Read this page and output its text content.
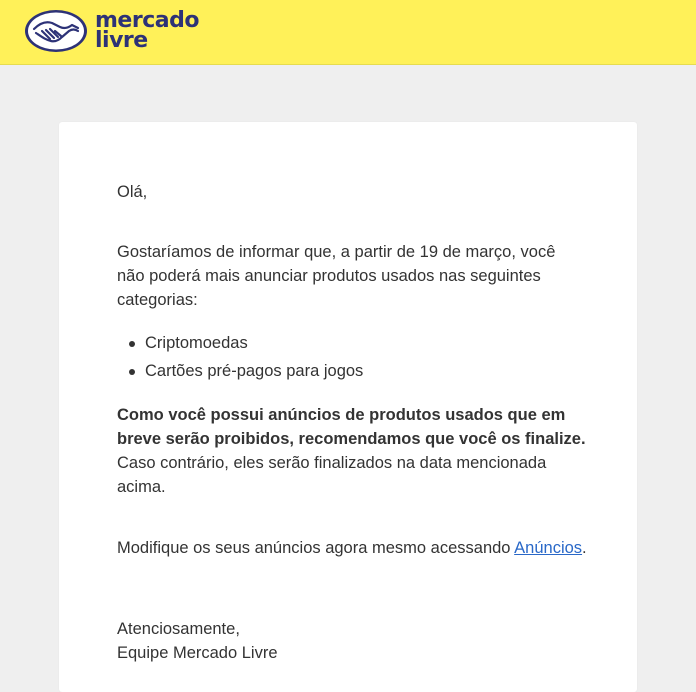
mercado
livre

Olá,

Gostaríamos de informar que, a partir de 19 de março, você não poderá mais anunciar produtos usados nas seguintes categorias:

Criptomoedas
Cartões pré-pagos para jogos

Como você possui anúncios de produtos usados que em breve serão proibidos, recomendamos que você os finalize. Caso contrário, eles serão finalizados na data mencionada acima.

Modifique os seus anúncios agora mesmo acessando Anúncios.

Atenciosamente,
Equipe Mercado Livre
